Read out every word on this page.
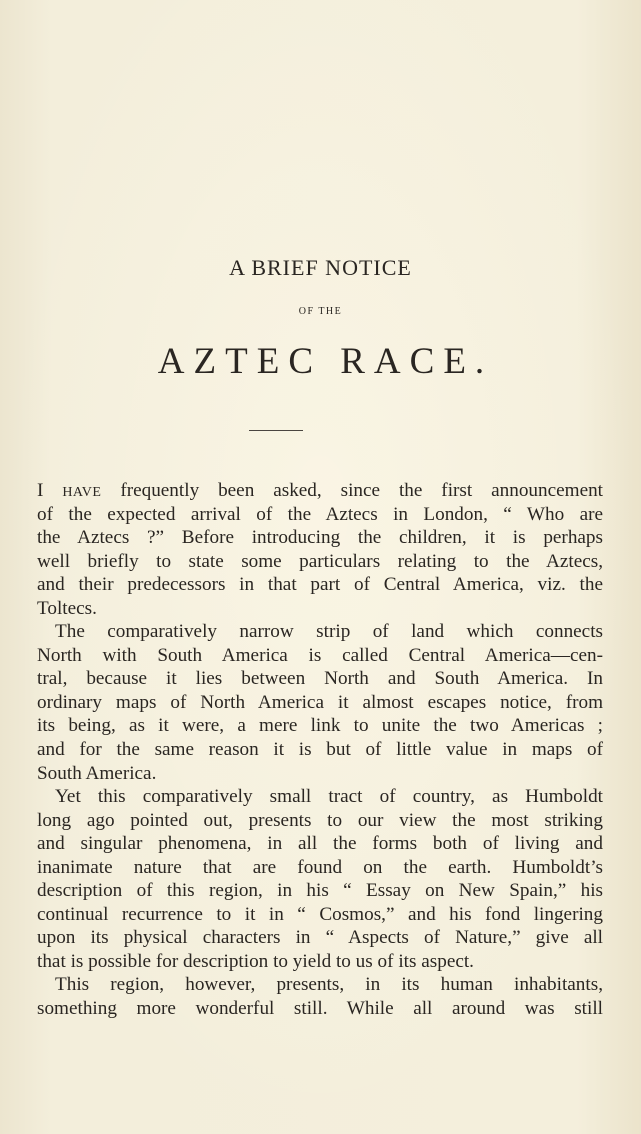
A BRIEF NOTICE
OF THE
AZTEC RACE.
I HAVE frequently been asked, since the first announcement
of the expected arrival of the Aztecs in London, “ Who are
the Aztecs ?” Before introducing the children, it is perhaps
well briefly to state some particulars relating to the Aztecs,
and their predecessors in that part of Central America, viz. the
Toltecs.
The comparatively narrow strip of land which connects
North with South America is called Central America—cen-
tral, because it lies between North and South America. In
ordinary maps of North America it almost escapes notice, from
its being, as it were, a mere link to unite the two Americas ;
and for the same reason it is but of little value in maps of
South America.
Yet this comparatively small tract of country, as Humboldt
long ago pointed out, presents to our view the most striking
and singular phenomena, in all the forms both of living and
inanimate nature that are found on the earth. Humboldt’s
description of this region, in his “ Essay on New Spain,” his
continual recurrence to it in “ Cosmos,” and his fond lingering
upon its physical characters in “ Aspects of Nature,” give all
that is possible for description to yield to us of its aspect.
This region, however, presents, in its human inhabitants,
something more wonderful still. While all around was still
